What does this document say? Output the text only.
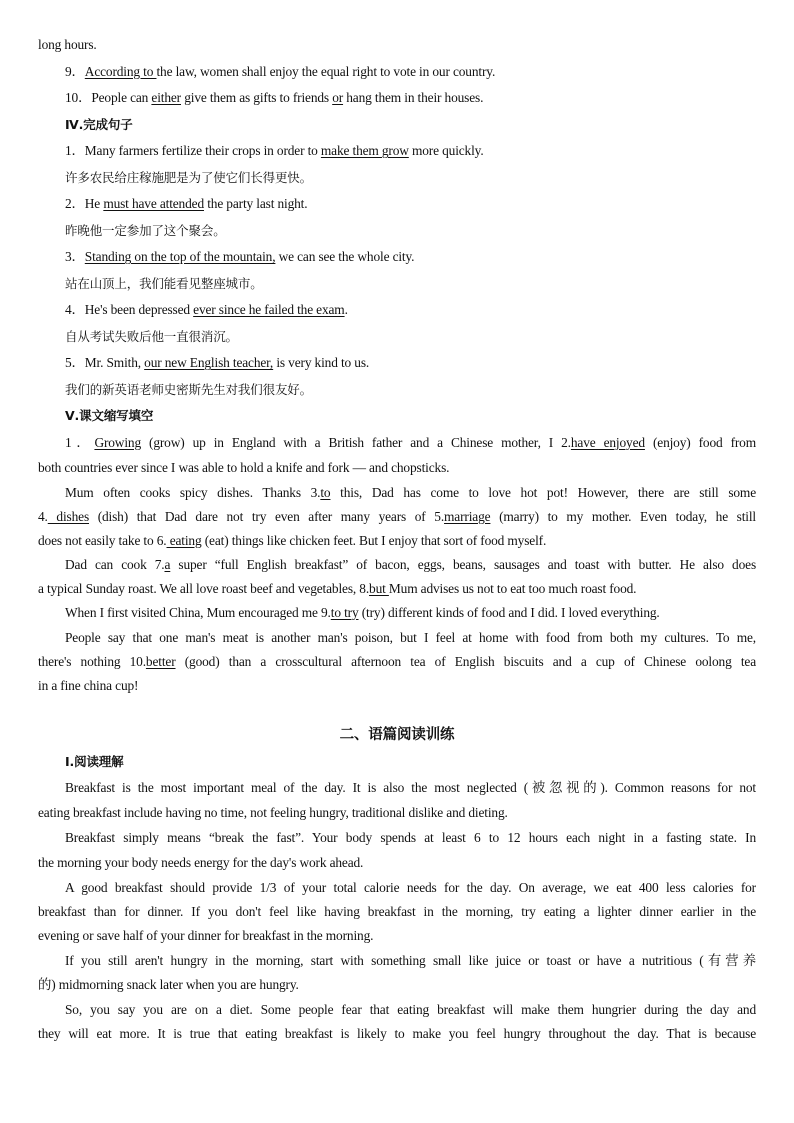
long hours.
9．According to the law, women shall enjoy the equal right to vote in our country.
10．People can either give them as gifts to friends or hang them in their houses.
Ⅳ.完成句子
1．Many farmers fertilize their crops in order to make them grow more quickly.
许多农民给庄稼施肥是为了使它们长得更快。
2．He must have attended the party last night.
昨晚他一定参加了这个聚会。
3．Standing on the top of the mountain, we can see the whole city.
站在山顶上，我们能看见整座城市。
4．He's been depressed ever since he failed the exam.
自从考试失败后他一直很消沉。
5．Mr. Smith, our new English teacher, is very kind to us.
我们的新英语老师史密斯先生对我们很友好。
Ⅴ.课文缩写填空
1．Growing (grow) up in England with a British father and a Chinese mother, I 2.have enjoyed (enjoy) food from
both countries ever since I was able to hold a knife and fork — and chopsticks.
Mum often cooks spicy dishes. Thanks 3.to this, Dad has come to love hot pot! However, there are still some
4. dishes (dish) that Dad dare not try even after many years of 5.marriage (marry) to my mother. Even today, he still
does not easily take to 6. eating (eat) things like chicken feet. But I enjoy that sort of food myself.
Dad can cook 7.a super “full English breakfast” of bacon, eggs, beans, sausages and toast with butter. He also does
a typical Sunday roast. We all love roast beef and vegetables, 8.but Mum advises us not to eat too much roast food.
When I first visited China, Mum encouraged me 9.to try (try) different kinds of food and I did. I loved everything.
People say that one man's meat is another man's poison, but I feel at home with food from both my cultures. To me,
there's nothing 10.better (good) than a crosscultural afternoon tea of English biscuits and a cup of Chinese oolong tea
in a fine china cup!
二、语篇阅读训练
Ⅰ.阅读理解
Breakfast is the most important meal of the day. It is also the most neglected (被忽视的). Common reasons for not
eating breakfast include having no time, not feeling hungry, traditional dislike and dieting.
Breakfast simply means “break the fast”. Your body spends at least 6 to 12 hours each night in a fasting state. In
the morning your body needs energy for the day's work ahead.
A good breakfast should provide 1/3 of your total calorie needs for the day. On average, we eat 400 less calories for
breakfast than for dinner. If you don't feel like having breakfast in the morning, try eating a lighter dinner earlier in the
evening or save half of your dinner for breakfast in the morning.
If you still aren't hungry in the morning, start with something small like juice or toast or have a nutritious (有营养
的) midmorning snack later when you are hungry.
So, you say you are on a diet. Some people fear that eating breakfast will make them hungrier during the day and
they will eat more. It is true that eating breakfast is likely to make you feel hungry throughout the day. That is because
